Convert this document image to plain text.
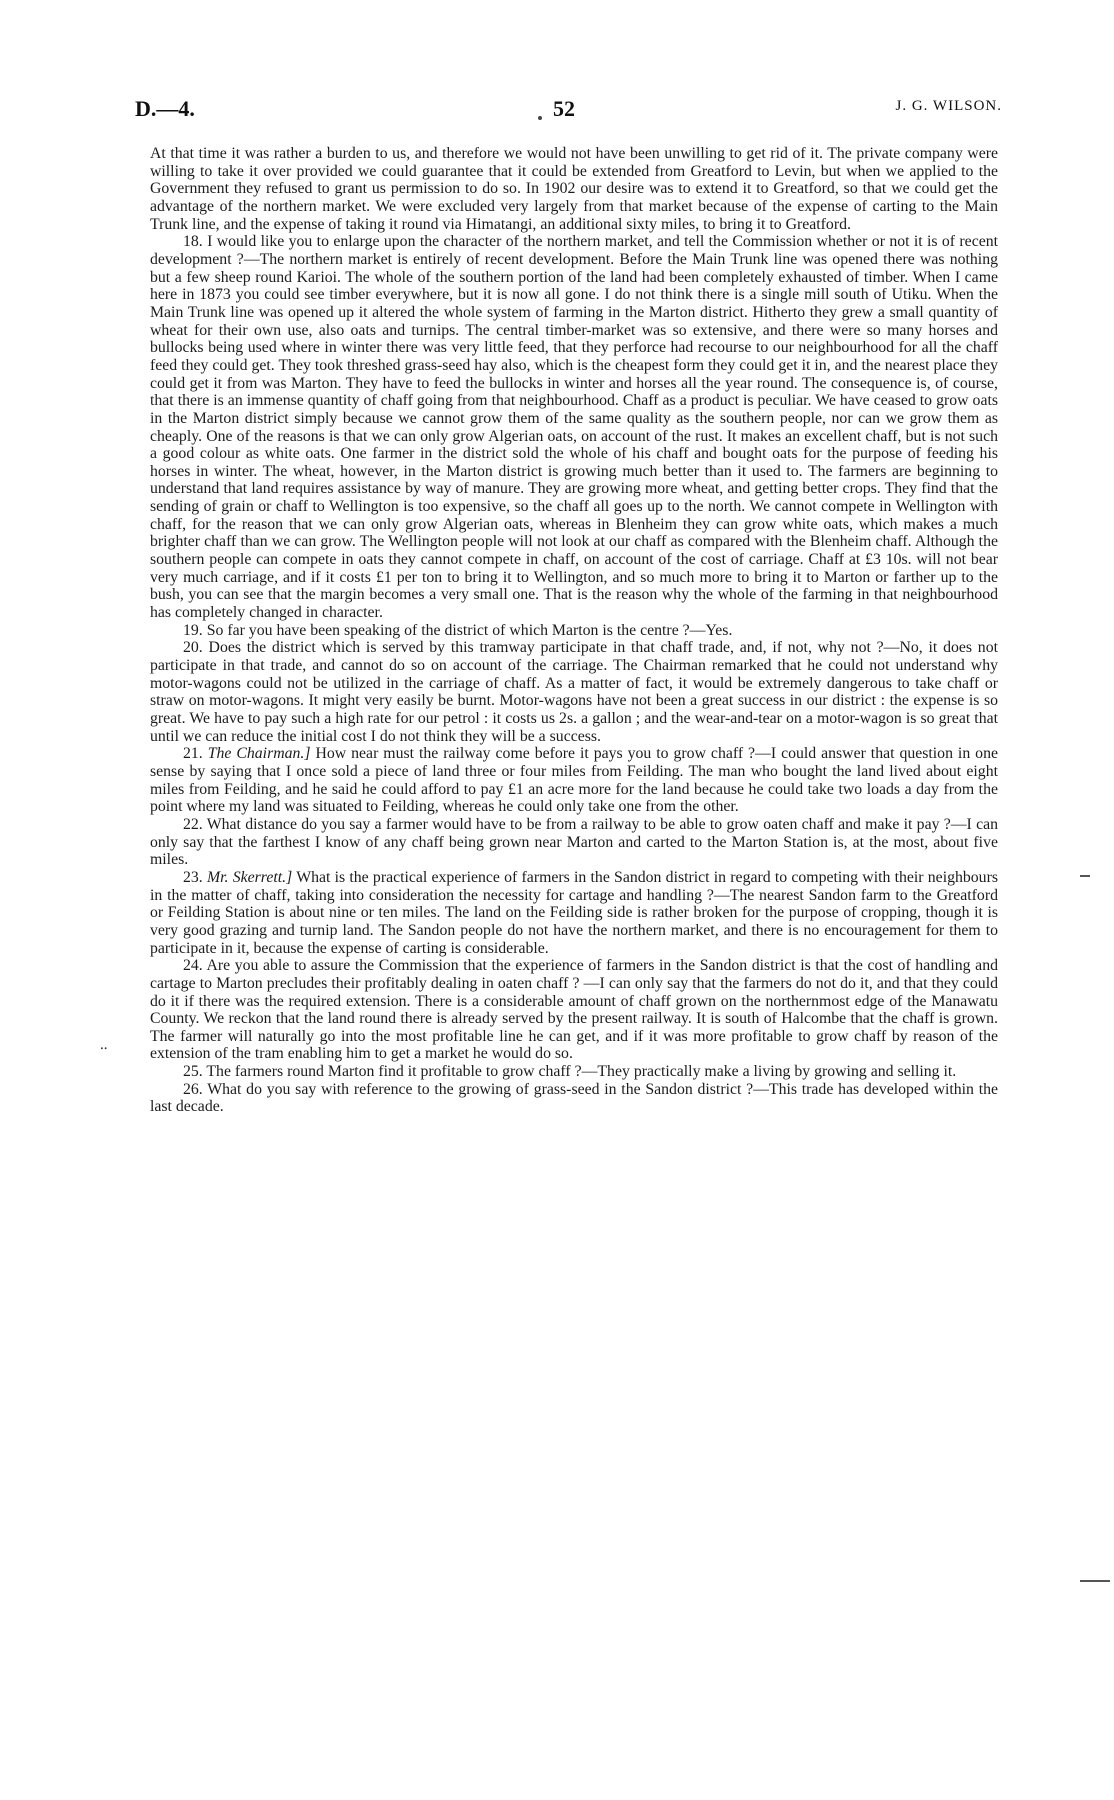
D.—4.	52	J. G. WILSON.

At that time it was rather a burden to us, and therefore we would not have been unwilling to get rid of it. The private company were willing to take it over provided we could guarantee that it could be extended from Greatford to Levin, but when we applied to the Government they refused to grant us permission to do so. In 1902 our desire was to extend it to Greatford, so that we could get the advantage of the northern market. We were excluded very largely from that market because of the expense of carting to the Main Trunk line, and the expense of taking it round via Himatangi, an additional sixty miles, to bring it to Greatford.

18. I would like you to enlarge upon the character of the northern market, and tell the Commission whether or not it is of recent development ?—The northern market is entirely of recent development. Before the Main Trunk line was opened there was nothing but a few sheep round Karioi. The whole of the southern portion of the land had been completely exhausted of timber. When I came here in 1873 you could see timber everywhere, but it is now all gone. I do not think there is a single mill south of Utiku. When the Main Trunk line was opened up it altered the whole system of farming in the Marton district. Hitherto they grew a small quantity of wheat for their own use, also oats and turnips. The central timber-market was so extensive, and there were so many horses and bullocks being used where in winter there was very little feed, that they perforce had recourse to our neighbourhood for all the chaff feed they could get. They took threshed grass-seed hay also, which is the cheapest form they could get it in, and the nearest place they could get it from was Marton. They have to feed the bullocks in winter and horses all the year round. The consequence is, of course, that there is an immense quantity of chaff going from that neighbourhood. Chaff as a product is peculiar. We have ceased to grow oats in the Marton district simply because we cannot grow them of the same quality as the southern people, nor can we grow them as cheaply. One of the reasons is that we can only grow Algerian oats, on account of the rust. It makes an excellent chaff, but is not such a good colour as white oats. One farmer in the district sold the whole of his chaff and bought oats for the purpose of feeding his horses in winter. The wheat, however, in the Marton district is growing much better than it used to. The farmers are beginning to understand that land requires assistance by way of manure. They are growing more wheat, and getting better crops. They find that the sending of grain or chaff to Wellington is too expensive, so the chaff all goes up to the north. We cannot compete in Wellington with chaff, for the reason that we can only grow Algerian oats, whereas in Blenheim they can grow white oats, which makes a much brighter chaff than we can grow. The Wellington people will not look at our chaff as compared with the Blenheim chaff. Although the southern people can compete in oats they cannot compete in chaff, on account of the cost of carriage. Chaff at £3 10s. will not bear very much carriage, and if it costs £1 per ton to bring it to Wellington, and so much more to bring it to Marton or farther up to the bush, you can see that the margin becomes a very small one. That is the reason why the whole of the farming in that neighbourhood has completely changed in character.

19. So far you have been speaking of the district of which Marton is the centre ?—Yes.

20. Does the district which is served by this tramway participate in that chaff trade, and, if not, why not ?—No, it does not participate in that trade, and cannot do so on account of the carriage. The Chairman remarked that he could not understand why motor-wagons could not be utilized in the carriage of chaff. As a matter of fact, it would be extremely dangerous to take chaff or straw on motor-wagons. It might very easily be burnt. Motor-wagons have not been a great success in our district : the expense is so great. We have to pay such a high rate for our petrol : it costs us 2s. a gallon ; and the wear-and-tear on a motor-wagon is so great that until we can reduce the initial cost I do not think they will be a success.

21. The Chairman.] How near must the railway come before it pays you to grow chaff ?—I could answer that question in one sense by saying that I once sold a piece of land three or four miles from Feilding. The man who bought the land lived about eight miles from Feilding, and he said he could afford to pay £1 an acre more for the land because he could take two loads a day from the point where my land was situated to Feilding, whereas he could only take one from the other.

22. What distance do you say a farmer would have to be from a railway to be able to grow oaten chaff and make it pay ?—I can only say that the farthest I know of any chaff being grown near Marton and carted to the Marton Station is, at the most, about five miles.

23. Mr. Skerrett.] What is the practical experience of farmers in the Sandon district in regard to competing with their neighbours in the matter of chaff, taking into consideration the necessity for cartage and handling ?—The nearest Sandon farm to the Greatford or Feilding Station is about nine or ten miles. The land on the Feilding side is rather broken for the purpose of cropping, though it is very good grazing and turnip land. The Sandon people do not have the northern market, and there is no encouragement for them to participate in it, because the expense of carting is considerable.

24. Are you able to assure the Commission that the experience of farmers in the Sandon district is that the cost of handling and cartage to Marton precludes their profitably dealing in oaten chaff ? —I can only say that the farmers do not do it, and that they could do it if there was the required extension. There is a considerable amount of chaff grown on the northernmost edge of the Manawatu County. We reckon that the land round there is already served by the present railway. It is south of Halcombe that the chaff is grown. The farmer will naturally go into the most profitable line he can get, and if it was more profitable to grow chaff by reason of the extension of the tram enabling him to get a market he would do so.

25. The farmers round Marton find it profitable to grow chaff ?—They practically make a living by growing and selling it.

26. What do you say with reference to the growing of grass-seed in the Sandon district ?—This trade has developed within the last decade.

⸱⸱
